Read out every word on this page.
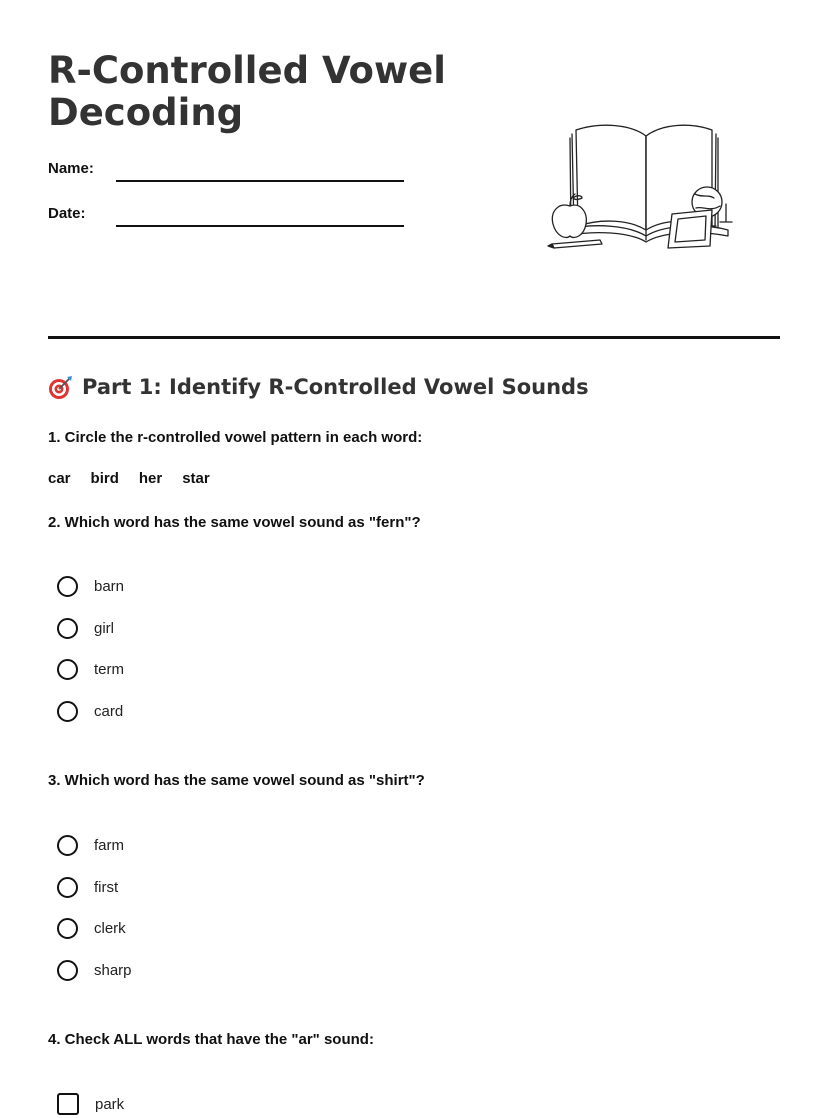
R-Controlled Vowel Decoding
Name:
Date:
Part 1: Identify R-Controlled Vowel Sounds

1. Circle the r-controlled vowel pattern in each word:

car bird her star

2. Which word has the same vowel sound as "fern"?

barn
girl
term
card

3. Which word has the same vowel sound as "shirt"?

farm
first
clerk
sharp

4. Check ALL words that have the "ar" sound:

park
